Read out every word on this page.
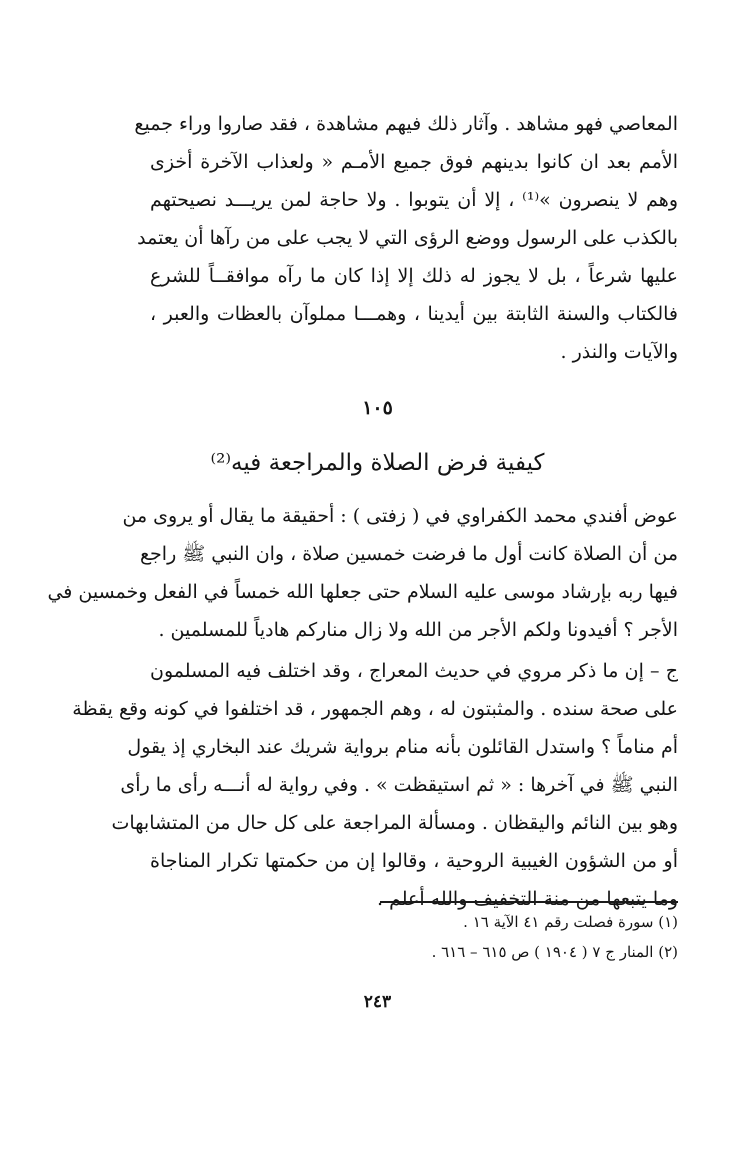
المعاصي فهو مشاهد . وآثار ذلك فيهم مشاهدة ، فقد صاروا وراء جميع
الأمم بعد ان كانوا بدينهم فوق جميع الأمـم « ولعذاب الآخرة أخزى
وهم لا ينصرون »⁽¹⁾ ، إلا أن يتوبوا . ولا حاجة لمن يريـــد نصيحتهم
بالكذب على الرسول ووضع الرؤى التي لا يجب على من رآها أن يعتمد
عليها شرعاً ، بل لا يجوز له ذلك إلا إذا كان ما رآه موافقــاً للشرع
فالكتاب والسنة الثابتة بين أيدينا ، وهمـــا مملوآن بالعظات والعبر ،
والآيات والنذر .
١٠٥
كيفية فرض الصلاة والمراجعة فيه⁽²⁾
عوض أفندي محمد الكفراوي في ( زفتى ) : أحقيقة ما يقال أو يروى من
من أن الصلاة كانت أول ما فرضت خمسين صلاة ، وان النبي ﷺ راجع
فيها ربه بإرشاد موسى عليه السلام حتى جعلها الله خمساً في الفعل وخمسين في
الأجر ؟ أفيدونا ولكم الأجر من الله ولا زال منارکم هادياً للمسلمين .
ج – إن ما ذكر مروي في حديث المعراج ، وقد اختلف فيه المسلمون
على صحة سنده . والمثبتون له ، وهم الجمهور ، قد اختلفوا في كونه وقع يقظة
أم مناماً ؟ واستدل القائلون بأنه منام برواية شريك عند البخاري إذ يقول
النبي ﷺ في آخرها : « ثم استيقظت » . وفي رواية له أنـــه رأى ما رأى
وهو بين النائم واليقظان . ومسألة المراجعة على كل حال من المتشابهات
أو من الشؤون الغيبية الروحية ، وقالوا إن من حكمتها تكرار المناجاة
وما يتبعها من منة التخفيف والله أعلم .
(١) سورة فصلت رقم ٤١ الآية ١٦ .
(٢) المنار ج ٧ ( ١٩٠٤ ) ص ٦١٥ – ٦١٦ .
٢٤٣
